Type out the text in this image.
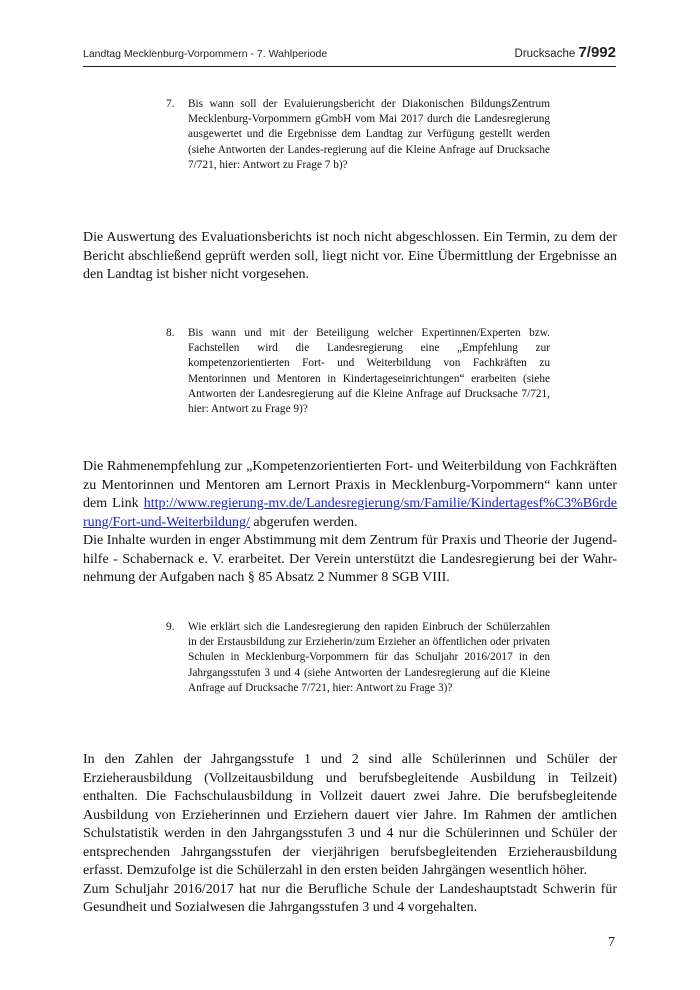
Landtag Mecklenburg-Vorpommern - 7. Wahlperiode	Drucksache 7/992
7. Bis wann soll der Evaluierungsbericht der Diakonischen BildungsZentrum Mecklenburg-Vorpommern gGmbH vom Mai 2017 durch die Landesregierung ausgewertet und die Ergebnisse dem Landtag zur Verfügung gestellt werden (siehe Antworten der Landes-regierung auf die Kleine Anfrage auf Drucksache 7/721, hier: Antwort zu Frage 7 b)?

Die Auswertung des Evaluationsberichts ist noch nicht abgeschlossen. Ein Termin, zu dem der Bericht abschließend geprüft werden soll, liegt nicht vor. Eine Übermittlung der Ergebnisse an den Landtag ist bisher nicht vorgesehen.

8. Bis wann und mit der Beteiligung welcher Expertinnen/Experten bzw. Fachstellen wird die Landesregierung eine „Empfehlung zur kompetenzorientierten Fort- und Weiterbildung von Fachkräften zu Mentorinnen und Mentoren in Kindertageseinrichtungen“ erarbeiten (siehe Antworten der Landesregierung auf die Kleine Anfrage auf Drucksache 7/721, hier: Antwort zu Frage 9)?

Die Rahmenempfehlung zur „Kompetenzorientierten Fort- und Weiterbildung von Fachkräften zu Mentorinnen und Mentoren am Lernort Praxis in Mecklenburg-Vorpommern“ kann unter dem Link http://www.regierung-mv.de/Landesregierung/sm/Familie/Kindertagesf%C3%B6rderung/Fort-und-Weiterbildung/ abgerufen werden.

Die Inhalte wurden in enger Abstimmung mit dem Zentrum für Praxis und Theorie der Jugend-hilfe - Schabernack e. V. erarbeitet. Der Verein unterstützt die Landesregierung bei der Wahr-nehmung der Aufgaben nach § 85 Absatz 2 Nummer 8 SGB VIII.

9. Wie erklärt sich die Landesregierung den rapiden Einbruch der Schülerzahlen in der Erstausbildung zur Erzieherin/zum Erzieher an öffentlichen oder privaten Schulen in Mecklenburg-Vorpommern für das Schuljahr 2016/2017 in den Jahrgangsstufen 3 und 4 (siehe Antworten der Landesregierung auf die Kleine Anfrage auf Drucksache 7/721, hier: Antwort zu Frage 3)?

In den Zahlen der Jahrgangsstufe 1 und 2 sind alle Schülerinnen und Schüler der Erzieherausbildung (Vollzeitausbildung und berufsbegleitende Ausbildung in Teilzeit) enthalten. Die Fachschulausbildung in Vollzeit dauert zwei Jahre. Die berufsbegleitende Ausbildung von Erzieherinnen und Erziehern dauert vier Jahre. Im Rahmen der amtlichen Schulstatistik werden in den Jahrgangsstufen 3 und 4 nur die Schülerinnen und Schüler der entsprechenden Jahrgangsstufen der vierjährigen berufsbegleitenden Erzieherausbildung erfasst. Demzufolge ist die Schülerzahl in den ersten beiden Jahrgängen wesentlich höher.

Zum Schuljahr 2016/2017 hat nur die Berufliche Schule der Landeshauptstadt Schwerin für Gesundheit und Sozialwesen die Jahrgangsstufen 3 und 4 vorgehalten.

7
